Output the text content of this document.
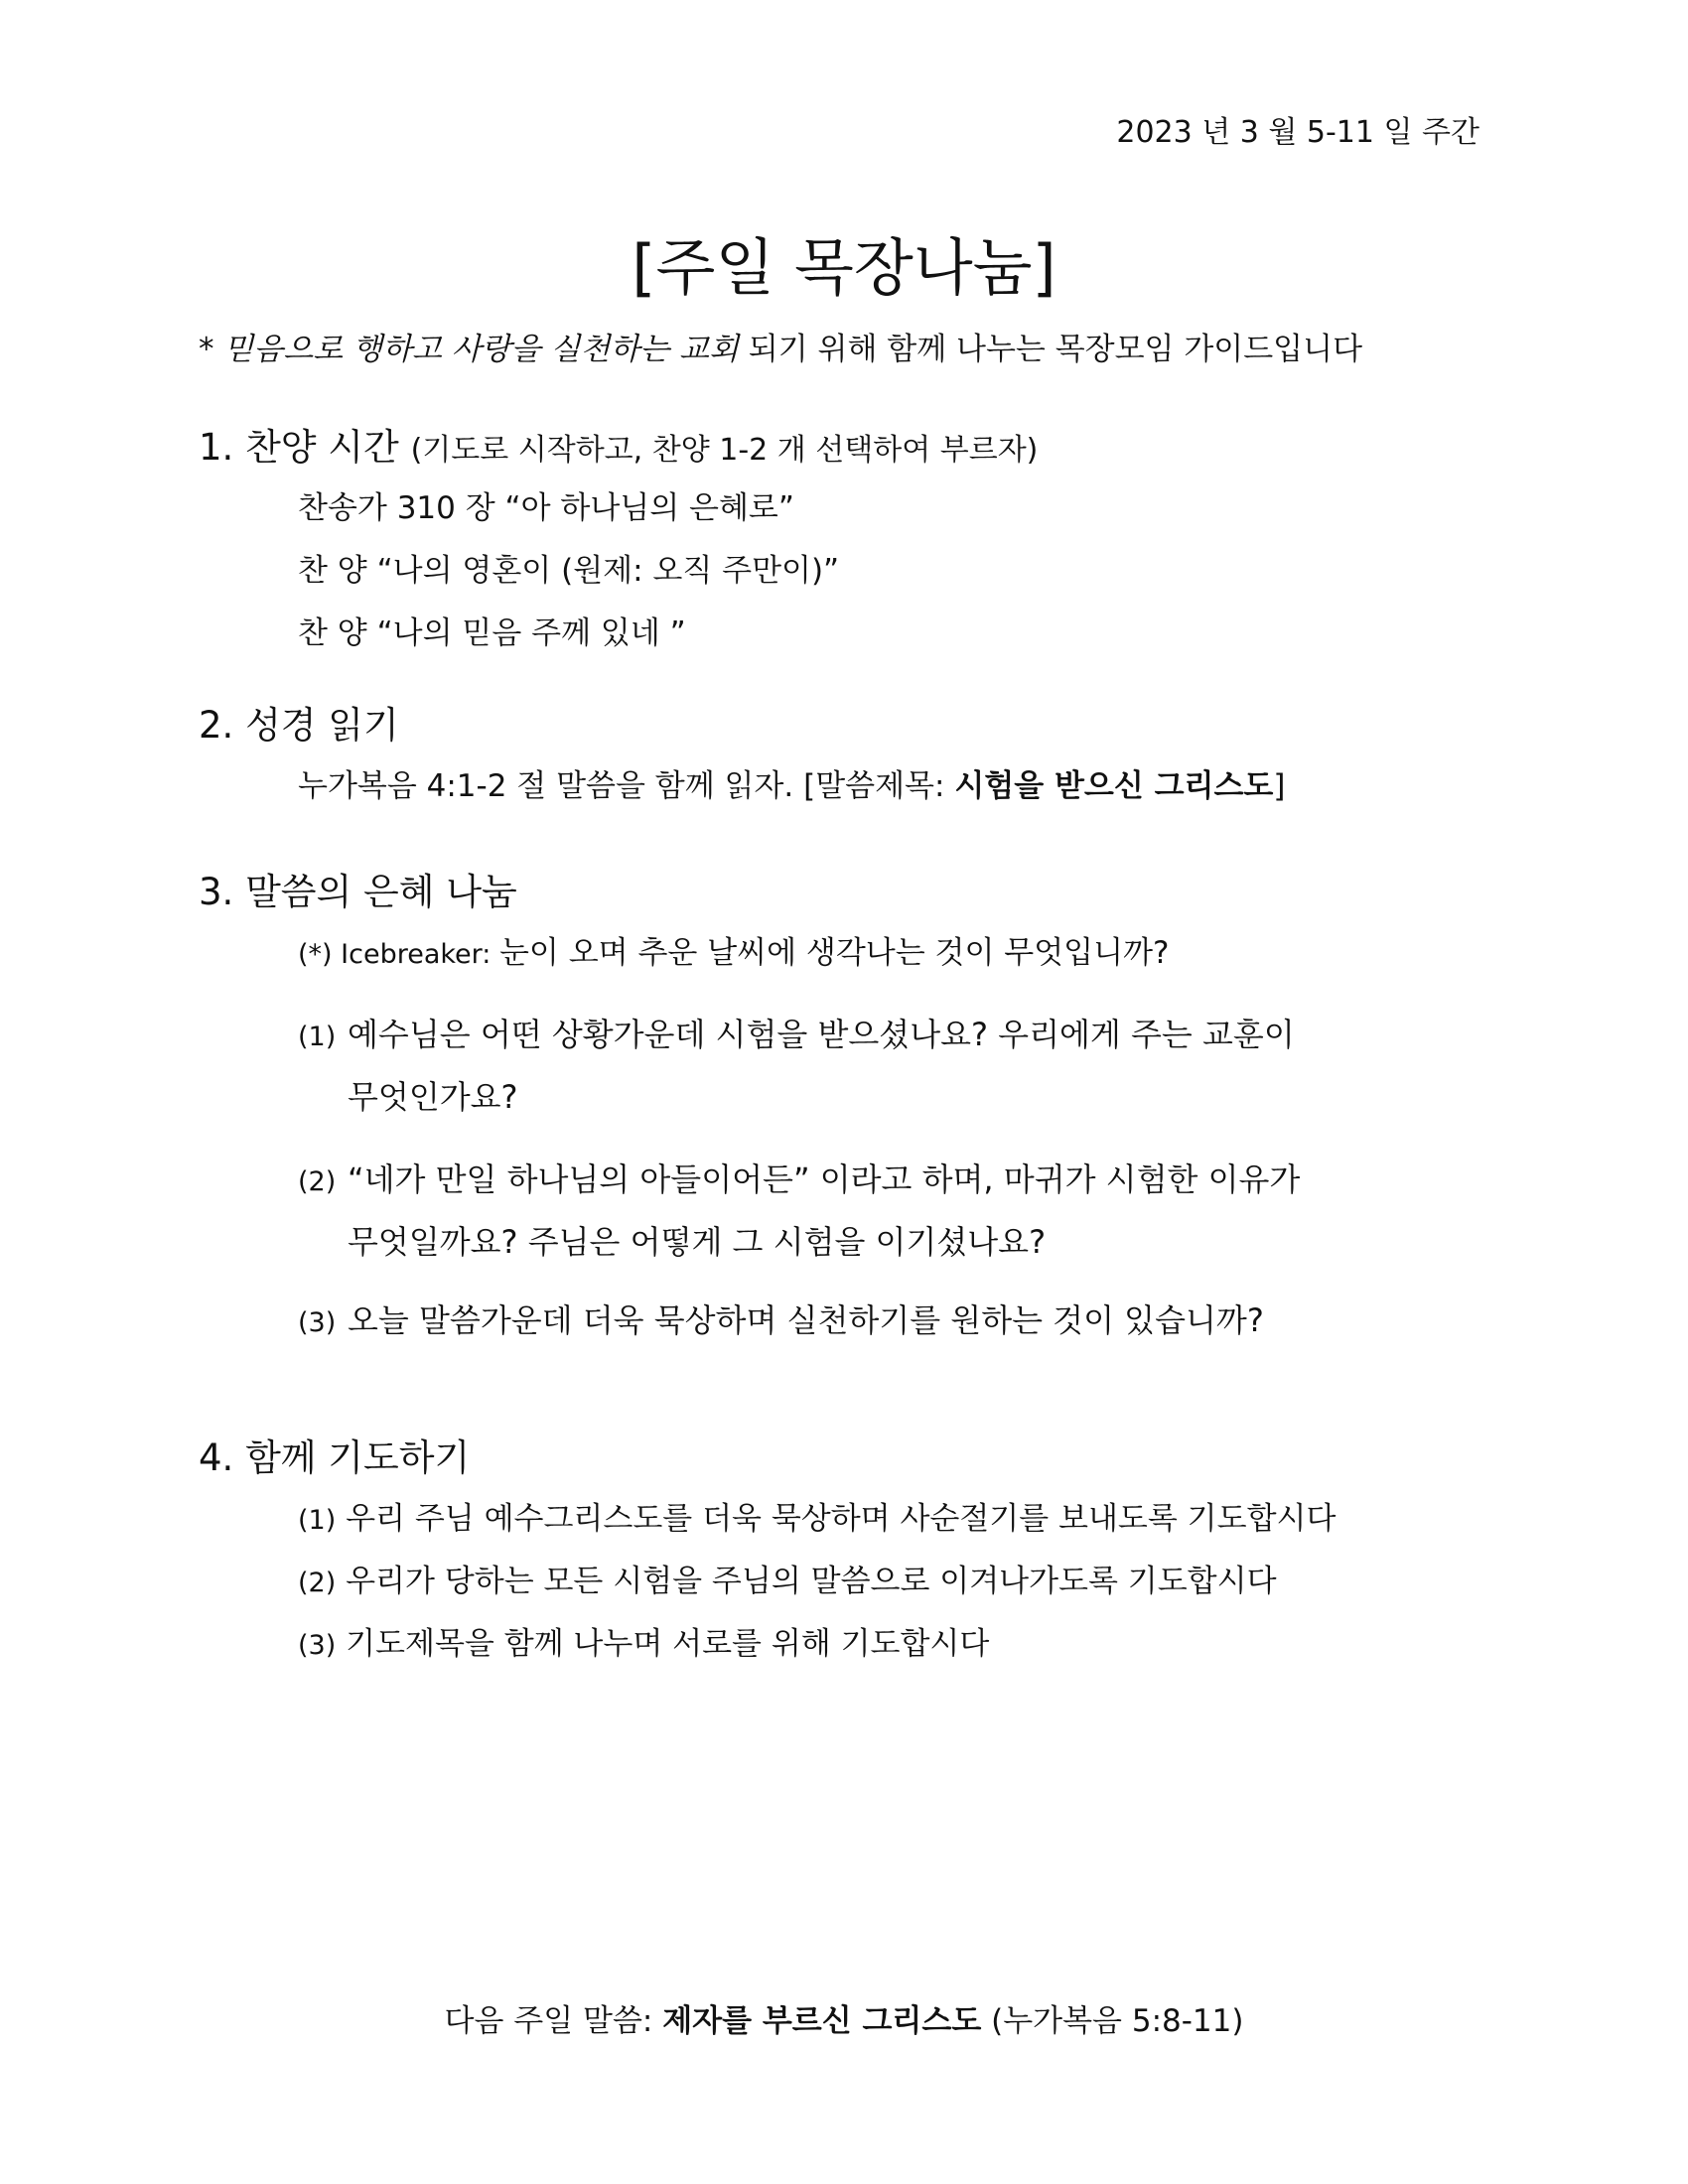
2023 년 3 월 5-11 일 주간
[주일 목장나눔]
* 믿음으로 행하고 사랑을 실천하는 교회 되기 위해 함께 나누는 목장모임 가이드입니다
1. 찬양 시간 (기도로 시작하고, 찬양 1-2 개 선택하여 부르자)
찬송가 310 장 “아 하나님의 은혜로”
찬 양 “나의 영혼이 (원제: 오직 주만이)”
찬 양 “나의 믿음 주께 있네 ”
2. 성경 읽기
누가복음 4:1-2 절 말씀을 함께 읽자. [말씀제목: 시험을 받으신 그리스도]
3. 말씀의 은혜 나눔
(*) Icebreaker: 눈이 오며 추운 날씨에 생각나는 것이 무엇입니까?
(1) 예수님은 어떤 상황가운데 시험을 받으셨나요? 우리에게 주는 교훈이
무엇인가요?
(2) “네가 만일 하나님의 아들이어든” 이라고 하며, 마귀가 시험한 이유가
무엇일까요? 주님은 어떻게 그 시험을 이기셨나요?
(3) 오늘 말씀가운데 더욱 묵상하며 실천하기를 원하는 것이 있습니까?
4. 함께 기도하기
(1) 우리 주님 예수그리스도를 더욱 묵상하며 사순절기를 보내도록 기도합시다
(2) 우리가 당하는 모든 시험을 주님의 말씀으로 이겨나가도록 기도합시다
(3) 기도제목을 함께 나누며 서로를 위해 기도합시다
다음 주일 말씀: 제자를 부르신 그리스도 (누가복음 5:8-11)
